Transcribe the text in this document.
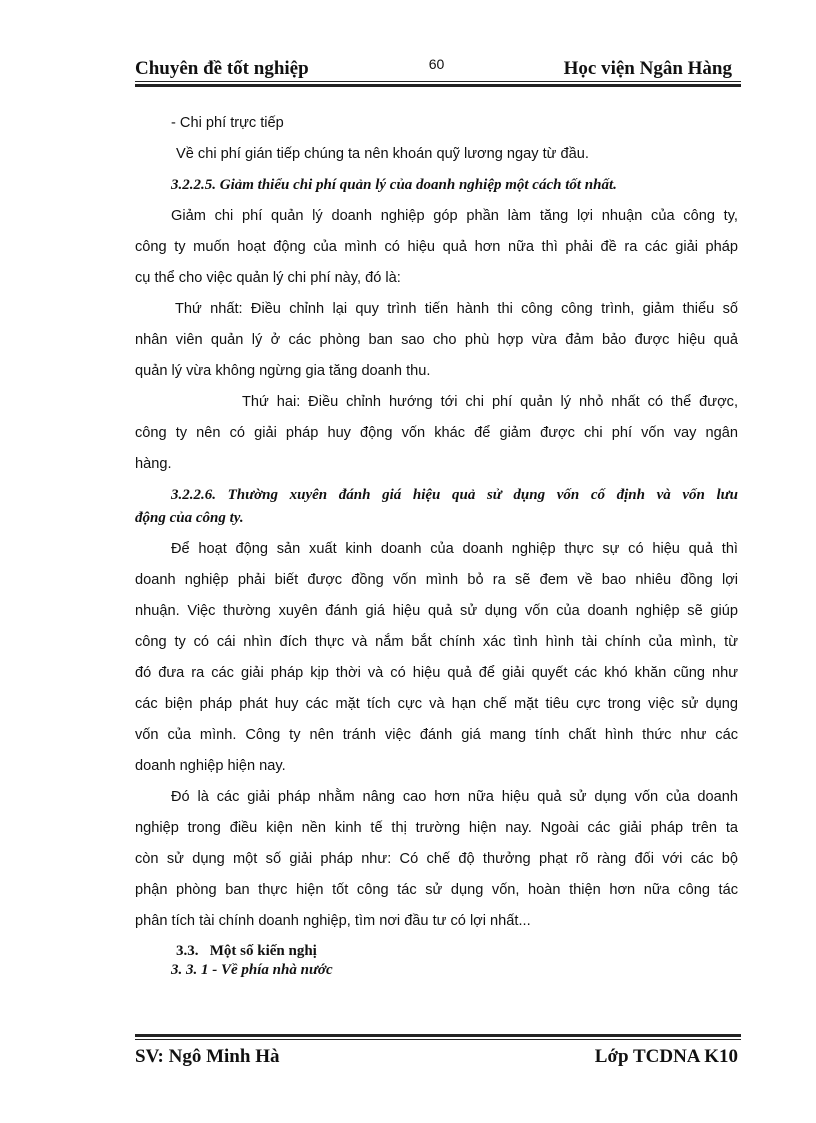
Chuyên đề tốt nghiệp	60	Học viện Ngân Hàng
- Chi phí trực tiếp
Về chi phí gián tiếp chúng ta nên khoán quỹ lương ngay từ đầu.
3.2.2.5. Giảm thiểu chi phí quản lý của doanh nghiệp một cách tốt nhất.
Giảm chi phí quản lý doanh nghiệp góp phần làm tăng lợi nhuận của công ty,
công ty muốn hoạt động của mình có hiệu quả hơn nữa thì phải đề ra các giải pháp
cụ thể cho việc quản lý chi phí này, đó là:
Thứ nhất: Điều chỉnh lại quy trình tiến hành thi công công trình, giảm thiểu số
nhân viên quản lý ở các phòng ban sao cho phù hợp vừa đảm bảo được hiệu quả
quản lý vừa không ngừng gia tăng doanh thu.
Thứ hai: Điều chỉnh hướng tới chi phí quản lý nhỏ nhất có thể được,
công ty nên có giải pháp huy động vốn khác để giảm được chi phí vốn vay ngân
hàng.
3.2.2.6. Thường xuyên đánh giá hiệu quả sử dụng vốn cố định và vốn lưu
động của công ty.
Để hoạt động sản xuất kinh doanh của doanh nghiệp thực sự có hiệu quả thì
doanh nghiệp phải biết được đồng vốn mình bỏ ra sẽ đem về bao nhiêu đồng lợi
nhuận. Việc thường xuyên đánh giá hiệu quả sử dụng vốn của doanh nghiệp sẽ giúp
công ty có cái nhìn đích thực và nắm bắt chính xác tình hình tài chính của mình, từ
đó đưa ra các giải pháp kịp thời và có hiệu quả để giải quyết các khó khăn cũng như
các biện pháp phát huy các mặt tích cực và hạn chế mặt tiêu cực trong việc sử dụng
vốn của mình. Công ty nên tránh việc đánh giá mang tính chất hình thức như các
doanh nghiệp hiện nay.
Đó là các giải pháp nhằm nâng cao hơn nữa hiệu quả sử dụng vốn của doanh
nghiệp trong điều kiện nền kinh tế thị trường hiện nay. Ngoài các giải pháp trên ta
còn sử dụng một số giải pháp như: Có chế độ thưởng phạt rõ ràng đối với các bộ
phận phòng ban thực hiện tốt công tác sử dụng vốn, hoàn thiện hơn nữa công tác
phân tích tài chính doanh nghiệp, tìm nơi đầu tư có lợi nhất...
3.3.   Một số kiến nghị
3. 3. 1 - Về phía nhà nước
SV: Ngô Minh Hà	Lớp TCDNA K10
